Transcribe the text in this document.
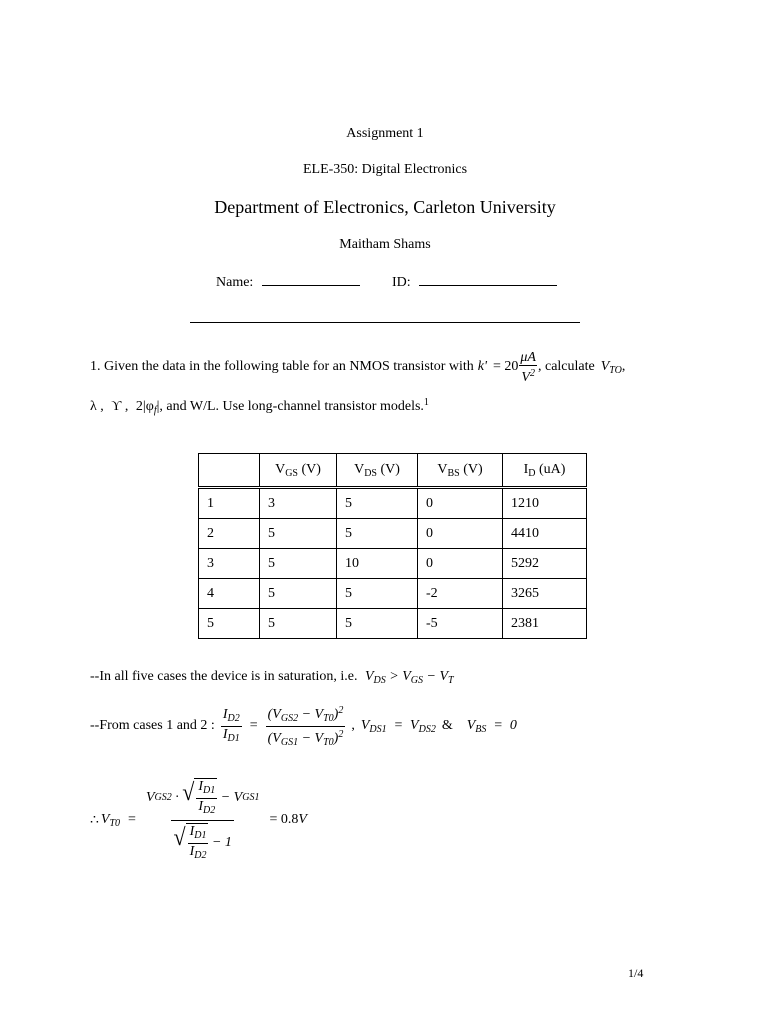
Assignment 1
ELE-350: Digital Electronics
Department of Electronics, Carleton University
Maitham Shams
Name:	ID:
1. Given the data in the following table for an NMOS transistor with $k' = 20 \frac{\mu A}{V^2}$ , calculate $V_{TO}$ ,
λ , ϒ , $2|\varphi_f|$, and W/L. Use long-channel transistor models.$^1$
	$V_{GS}$ (V)	$V_{DS}$ (V)	$V_{BS}$ (V)	$I_D$ (uA)
1	3	5	0	1210
2	5	5	0	4410
3	5	10	0	5292
4	5	5	-2	3265
5	5	5	-5	2381
--In all five cases the device is in saturation, i.e. $V_{DS} > V_{GS} - V_T$
--From cases 1 and 2 : $\frac{I_{D2}}{I_{D1}} = \frac{(V_{GS2} - V_{T0})^2}{(V_{GS1} - V_{T0})^2}$ , $V_{DS1} = V_{DS2}$ & $V_{BS} = 0$
∴ $V_{T0} = \frac{V GS2 \cdot √ \frac{I_{D1}}{I_{D2}} - V GS1}{√ \frac{I_{D1}}{I_{D2}} - 1} = 0.8$ V
1/4
